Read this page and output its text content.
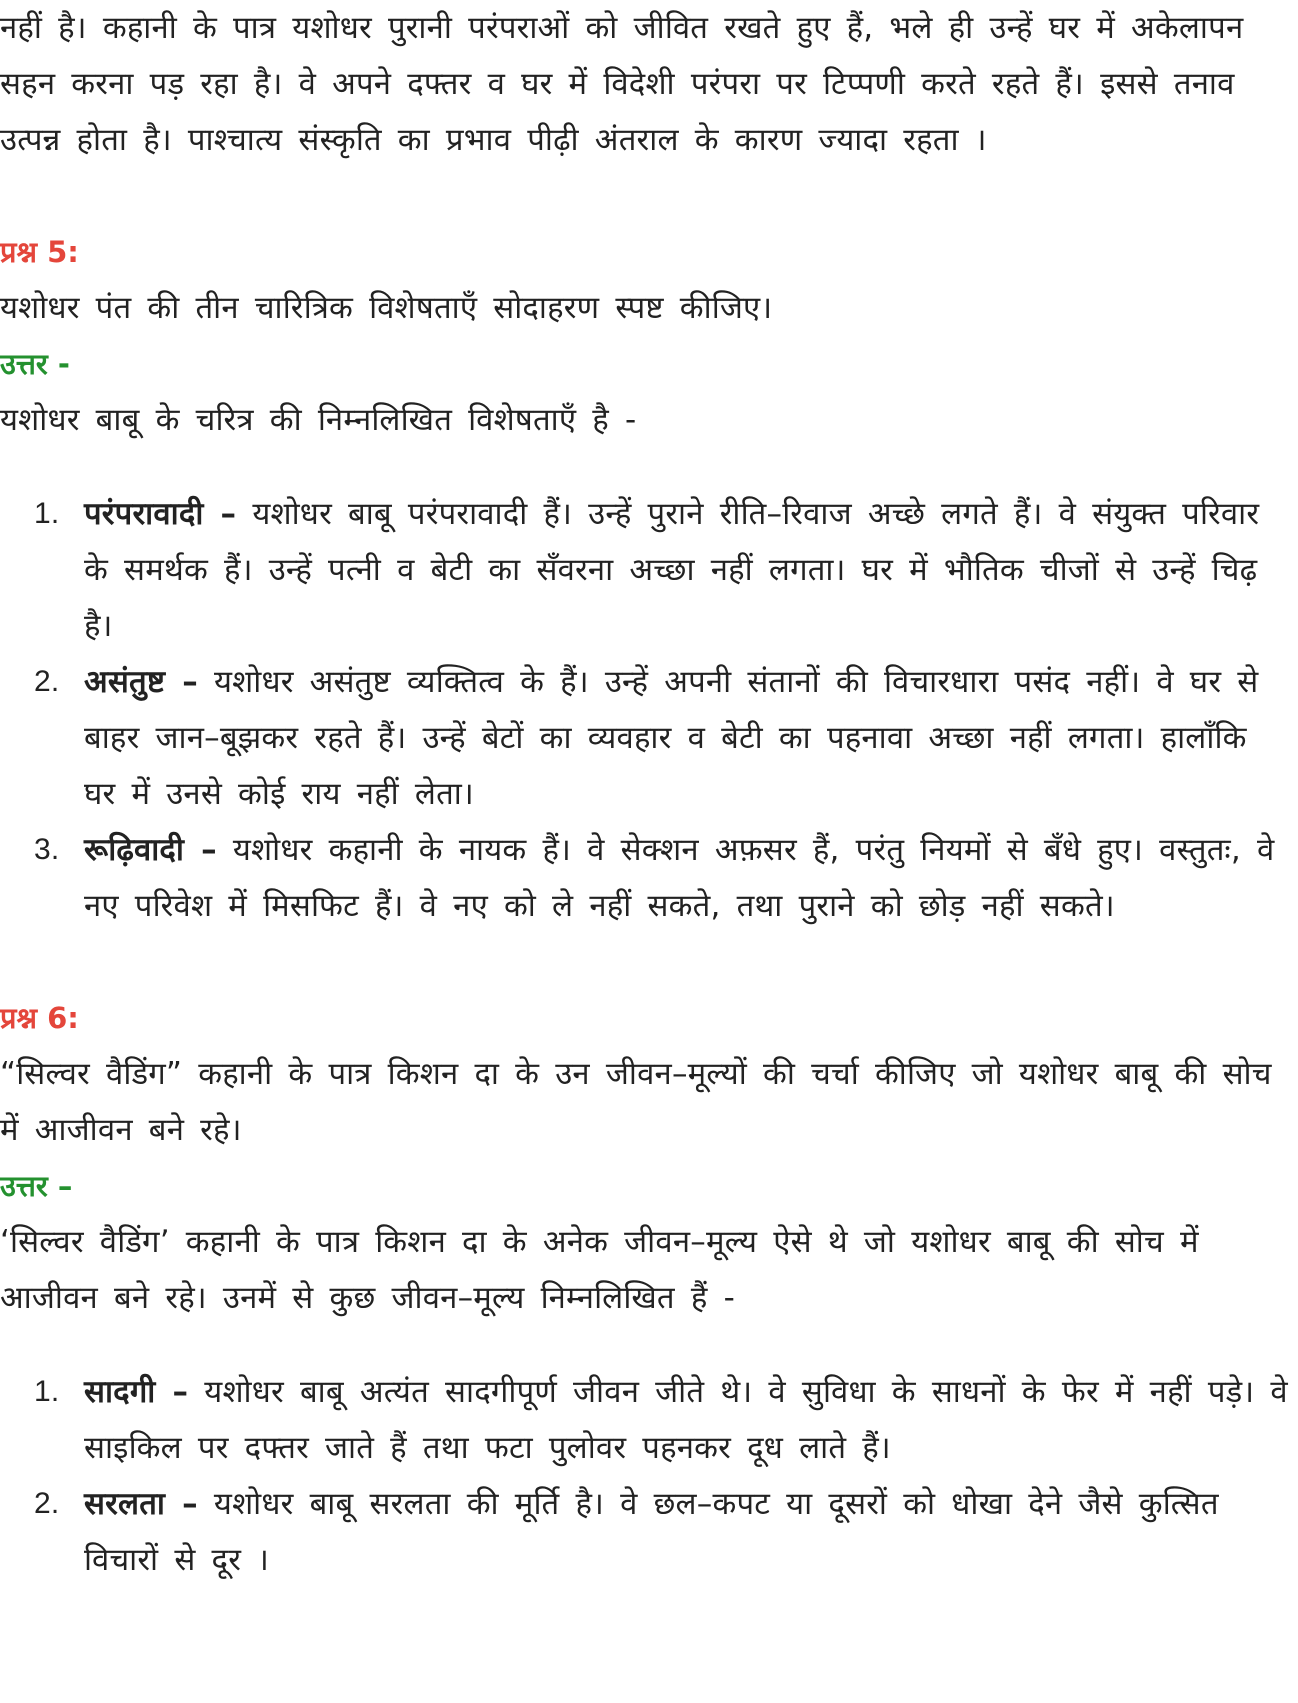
नहीं है। कहानी के पात्र यशोधर पुरानी परंपराओं को जीवित रखते हुए हैं, भले ही उन्हें घर में अकेलापन सहन करना पड़ रहा है। वे अपने दफ्तर व घर में विदेशी परंपरा पर टिप्पणी करते रहते हैं। इससे तनाव उत्पन्न होता है। पाश्चात्य संस्कृति का प्रभाव पीढ़ी अंतराल के कारण ज्यादा रहता ।

प्रश्न 5:

यशोधर पंत की तीन चारित्रिक विशेषताएँ सोदाहरण स्पष्ट कीजिए।

उत्तर -

यशोधर बाबू के चरित्र की निम्नलिखित विशेषताएँ है -

1. परंपरावादी – यशोधर बाबू परंपरावादी हैं। उन्हें पुराने रीति–रिवाज अच्छे लगते हैं। वे संयुक्त परिवार के समर्थक हैं। उन्हें पत्नी व बेटी का सँवरना अच्छा नहीं लगता। घर में भौतिक चीजों से उन्हें चिढ़ है।
2. असंतुष्ट – यशोधर असंतुष्ट व्यक्तित्व के हैं। उन्हें अपनी संतानों की विचारधारा पसंद नहीं। वे घर से बाहर जान–बूझकर रहते हैं। उन्हें बेटों का व्यवहार व बेटी का पहनावा अच्छा नहीं लगता। हालाँकि घर में उनसे कोई राय नहीं लेता।
3. रूढ़िवादी – यशोधर कहानी के नायक हैं। वे सेक्शन अफ़सर हैं, परंतु नियमों से बँधे हुए। वस्तुतः, वे नए परिवेश में मिसफिट हैं। वे नए को ले नहीं सकते, तथा पुराने को छोड़ नहीं सकते।

प्रश्न 6:

“सिल्वर वैडिंग” कहानी के पात्र किशन दा के उन जीवन–मूल्यों की चर्चा कीजिए जो यशोधर बाबू की सोच में आजीवन बने रहे।

उत्तर –

‘सिल्वर वैडिंग’ कहानी के पात्र किशन दा के अनेक जीवन–मूल्य ऐसे थे जो यशोधर बाबू की सोच में आजीवन बने रहे। उनमें से कुछ जीवन–मूल्य निम्नलिखित हैं -

1. सादगी – यशोधर बाबू अत्यंत सादगीपूर्ण जीवन जीते थे। वे सुविधा के साधनों के फेर में नहीं पड़े। वे साइकिल पर दफ्तर जाते हैं तथा फटा पुलोवर पहनकर दूध लाते हैं।
2. सरलता – यशोधर बाबू सरलता की मूर्ति है। वे छल–कपट या दूसरों को धोखा देने जैसे कुत्सित विचारों से दूर ।
